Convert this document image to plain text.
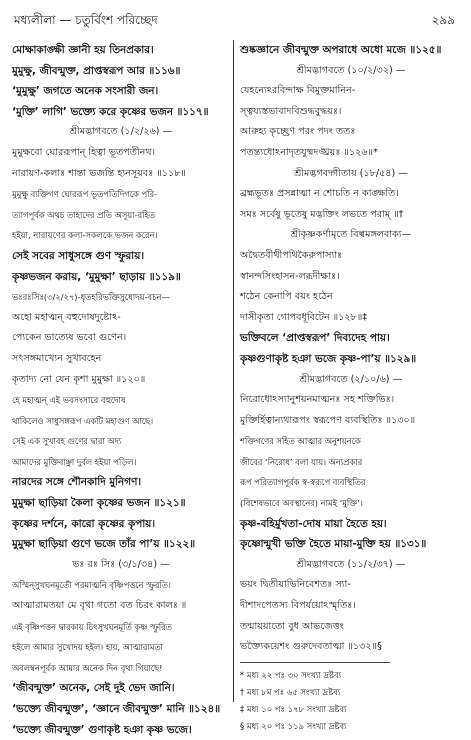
মধ্যলীলা — চতুর্বিংশ পরিচ্ছেদ	২৯৯
মোক্ষাকাঙ্ক্ষী জ্ঞানী হয় তিনপ্রকার।
মুমুক্ষু, জীবন্মুক্ত, প্রাপ্তস্বরূপ আর ॥১১৬॥
‘মুমুক্ষু’ জগতে অনেক সংসারী জন।
‘মুক্তি’ লাগি’ ভক্ত্যে করে কৃষ্ণের ভজন ॥১১৭॥
শ্রীমদ্ভাগবতে (১/২/২৬) —
মুমুক্ষবো ঘোররূপান্ হিত্বা ভূতপতীনথ।
নারায়ণ-কলাঃ শান্তা ভজন্তি হ্যনসূয়বঃ ॥১১৮॥
মুমুক্ষু ব্যক্তিগণ ঘোররূপ ভূতপতিদিগকে পরি-
ত্যাগপূর্বক অথচ তাহাদের প্রতি অসূয়া-রহিত
হইয়া, নারায়ণের কলা-সকলকে ভজন করেন।
সেই সবের সাধুসঙ্গে গুণ স্ফুরায়।
কৃষ্ণভজন করায়, ‘মুমুক্ষা’ ছাড়ায় ॥১১৯॥
ভঃরঃসিঃ(৩/২/২৭)-ধৃতহরিভক্তিসুধোদয়-বচন—
অহো মহাত্মন্ বহুদোষদুষ্টোঽ-
প্যেকেন ভাত্যেষ ভবো গুণেন।
সৎসঙ্গমাখ্যেন সুখাবহেন
কৃতাদ্য নো যেন কৃশা মুমুক্ষা ॥১২০॥
হে মহাত্মন্ এই ভবসংসারে বহুদোষ
থাকিলেও সাধুসঙ্গরূপ একটি মহাগুণ আছে।
সেই এক সুখাবহ গুণের দ্বারা অদ্য
আমাদের মুক্তিবাঞ্ছা দুর্বল হইয়া পড়িল।
নারদের সঙ্গে শৌনকাদি মুনিগণ।
মুমুক্ষা ছাড়িয়া কৈলা কৃষ্ণের ভজন ॥১২১॥
কৃষ্ণের দর্শনে, কারো কৃষ্ণের কৃপায়।
মুমুক্ষা ছাড়িয়া গুণে ভজে তাঁর পা’য় ॥১২২॥
ভঃ রঃ সিঃ (৩/১/৩৪) —
অস্মিন্‌সুখঘনমূর্তৌ পরমাত্মনি বৃষ্ণিপত্তনে স্ফুরতি।
আত্মারামতয়া মে বৃথা গতো বত চিরং কালঃ ॥
এই বৃষ্ণিপত্তন দ্বারকায় চিৎসুখঘনমূর্তি কৃষ্ণ স্ফুরিত
হইলে আমার সুখোদয় হইল। হায়, আত্মারামতা
অবলম্বনপূর্বক আমার অনেক দিন বৃথা গিয়াছে!
‘জীবন্মুক্ত’ অনেক, সেই দুই ভেদ জানি।
‘ভক্ত্যে জীবন্মুক্ত’, ‘জ্ঞানে জীবন্মুক্ত’ মানি ॥১২৪॥
‘ভক্ত্যে জীবন্মুক্ত’ গুণাকৃষ্ট হঞা কৃষ্ণ ভজে।
শুষ্কজ্ঞানে জীবন্মুক্ত অপরাধে অধো মজে ॥১২৫॥
শ্রীমদ্ভাগবতে (১০/২/৩২) —
যেহন্যেঽরবিন্দাক্ষ বিমুক্তমানিন-
স্ত্বয্যস্তভাবাদবিশুদ্ধবুদ্ধয়ঃ।
আরুহ্য কৃচ্ছ্রেণ পরং পদং ততঃ
পতন্ত্যধোঽনাদৃতযুষ্মদঙ্ঘ্রয়ঃ ॥১২৬॥*
শ্রীমদ্ভগবদ্গীতায় (১৮/৫৪) —
ব্রহ্মভূতঃ প্রসন্নাত্মা ন শোচতি ন কাঙ্ক্ষতি।
সমঃ সর্বেষু ভূতেষু মদ্ভক্তিং লভতে পরাম্ ॥†
শ্রীকৃষ্ণকর্ণামৃতে বিল্বমঙ্গলবাক্য—
অদ্বৈতবীথীপথিকৈরুপাস্যাঃ
স্বানন্দসিংহাসন-লব্ধদীক্ষাঃ।
শঠেন কেনাপি বয়ং হঠেন
দাসীকৃতা গোপবধূবিটেন ॥১২৮॥‡
ভক্তিবলে ‘প্রাপ্তস্বরূপ’ দিব্যদেহ পায়।
কৃষ্ণগুণাকৃষ্ট হঞা ভজে কৃষ্ণ-পা’য় ॥১২৯॥
শ্রীমদ্ভাগবতে (২/১০/৬) —
নিরোধোঽস্যানুশয়নমাত্মনঃ সহ শক্তিভিঃ।
মুক্তির্হিত্বান্যথারূপং স্বরূপেণ ব্যবস্থিতিঃ ॥১৩০॥
শক্তিগণের সহিত আত্মার অনুশয়নকে
জীবের ‘নিরোধ’ বলা যায়। অন্যপ্রকার
রূপ পরিত্যাগপূর্বক স্ব-স্বরূপে ব্যবস্থিতির
(বিশেষভাবে অবস্থানের) নামই ‘মুক্তি’।
কৃষ্ণ-বহির্মুখতা-দোষ মায়া হৈতে হয়।
কৃষ্ণোন্মুখী ভক্তি হৈতে মায়া-মুক্তি হয় ॥১৩১॥
শ্রীমদ্ভাগবতে (১১/২/৩৭) —
ভয়ং দ্বিতীয়াভিনিবেশতঃ স্যা-
দীশাদপেতস্য বিপর্যয়োঽস্মৃতিঃ।
তন্মায়য়াতো বুধ আভজেত্তং
ভক্ত্যৈকয়েশং গুরুদেবতাত্মা ॥১৩২॥§
* মধ্য ২২ পঃ ৩০ সংখ্যা দ্রষ্টব্য
† মধ্য ৮ম পঃ ৬৫ সংখ্যা দ্রষ্টব্য
‡ মধ্য ১০ পঃ ১৭৮ সংখ্যা দ্রষ্টব্য
§ মধ্য ২০ পঃ ১১৯ সংখ্যা দ্রষ্টব্য
